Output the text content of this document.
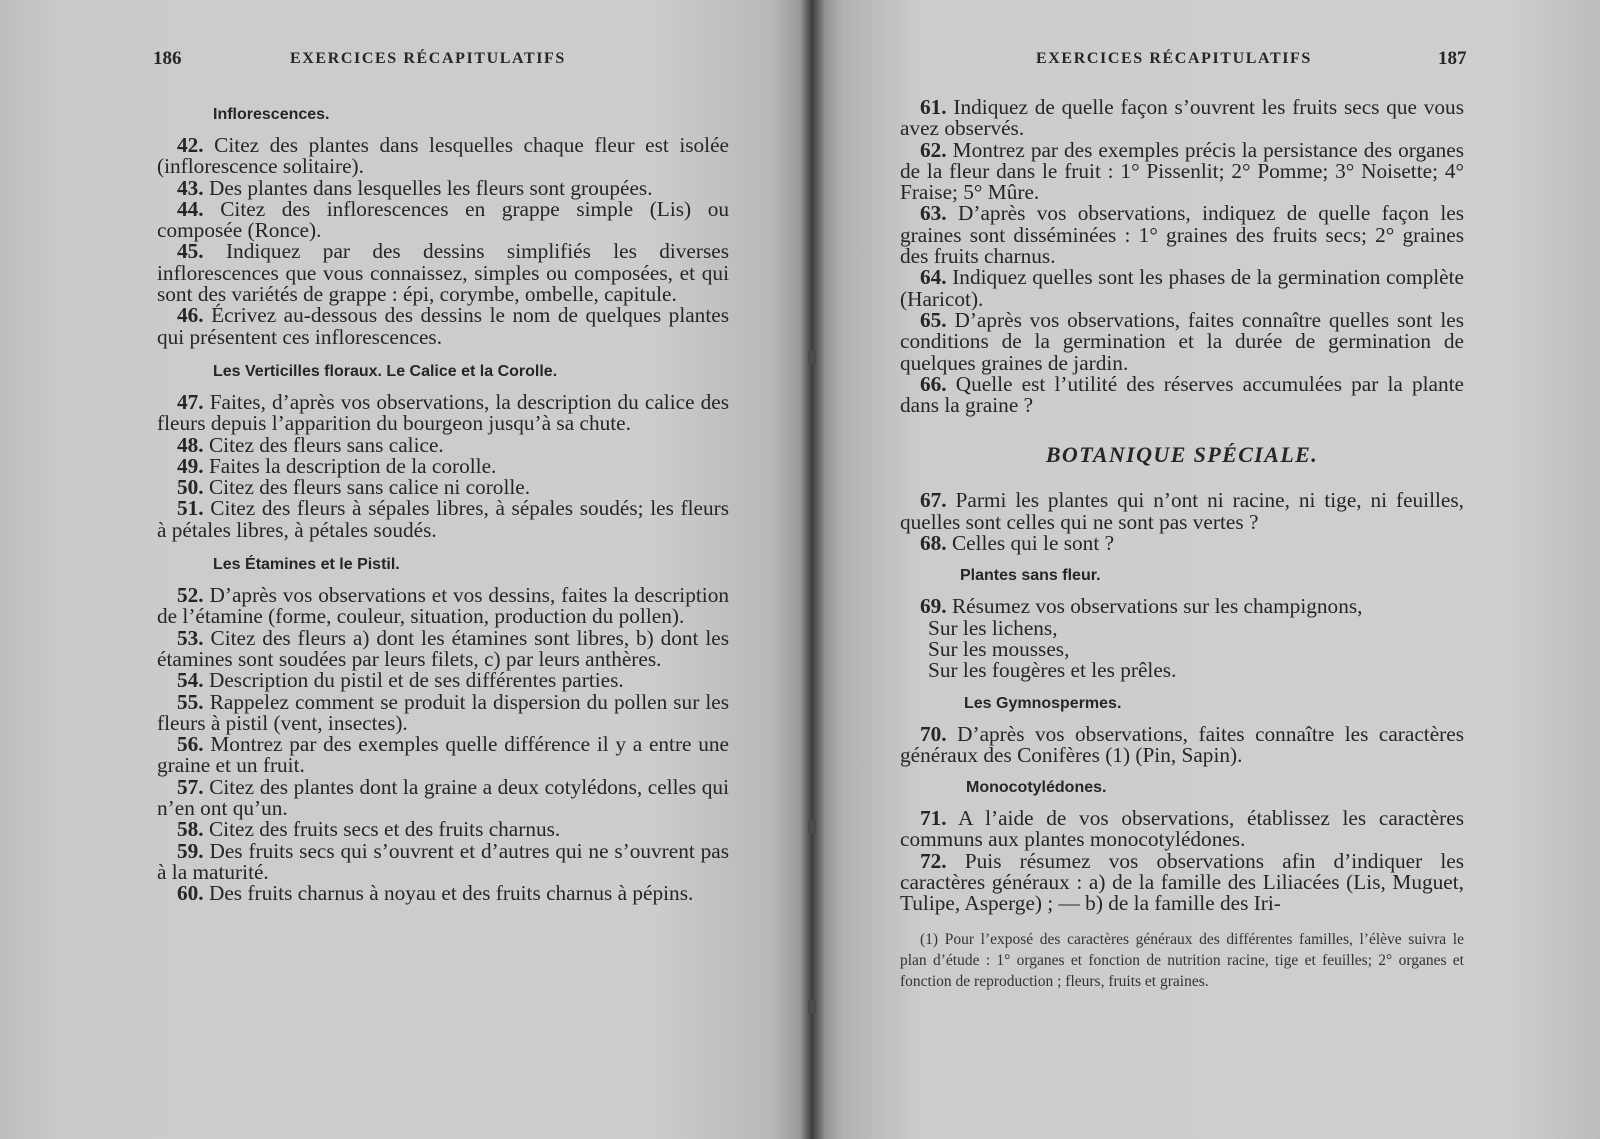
186	EXERCICES RÉCAPITULATIFS
Inflorescences.

42. Citez des plantes dans lesquelles chaque fleur est isolée (inflorescence solitaire).

43. Des plantes dans lesquelles les fleurs sont groupées.

44. Citez des inflorescences en grappe simple (Lis) ou composée (Ronce).

45. Indiquez par des dessins simplifiés les diverses inflorescences que vous connaissez, simples ou composées, et qui sont des variétés de grappe : épi, corymbe, ombelle, capitule.

46. Écrivez au-dessous des dessins le nom de quelques plantes qui présentent ces inflorescences.

Les Verticilles floraux. Le Calice et la Corolle.

47. Faites, d’après vos observations, la description du calice des fleurs depuis l’apparition du bourgeon jusqu’à sa chute.

48. Citez des fleurs sans calice.

49. Faites la description de la corolle.

50. Citez des fleurs sans calice ni corolle.

51. Citez des fleurs à sépales libres, à sépales soudés; les fleurs à pétales libres, à pétales soudés.

Les Étamines et le Pistil.

52. D’après vos observations et vos dessins, faites la description de l’étamine (forme, couleur, situation, production du pollen).

53. Citez des fleurs a) dont les étamines sont libres, b) dont les étamines sont soudées par leurs filets, c) par leurs anthères.

54. Description du pistil et de ses différentes parties.

55. Rappelez comment se produit la dispersion du pollen sur les fleurs à pistil (vent, insectes).

56. Montrez par des exemples quelle différence il y a entre une graine et un fruit.

57. Citez des plantes dont la graine a deux cotylédons, celles qui n’en ont qu’un.

58. Citez des fruits secs et des fruits charnus.

59. Des fruits secs qui s’ouvrent et d’autres qui ne s’ouvrent pas à la maturité.

60. Des fruits charnus à noyau et des fruits charnus à pépins.

EXERCICES RÉCAPITULATIFS	187

61. Indiquez de quelle façon s’ouvrent les fruits secs que vous avez observés.

62. Montrez par des exemples précis la persistance des organes de la fleur dans le fruit : 1° Pissenlit; 2° Pomme; 3° Noisette; 4° Fraise; 5° Mûre.

63. D’après vos observations, indiquez de quelle façon les graines sont disséminées : 1° graines des fruits secs; 2° graines des fruits charnus.

64. Indiquez quelles sont les phases de la germination complète (Haricot).

65. D’après vos observations, faites connaître quelles sont les conditions de la germination et la durée de germination de quelques graines de jardin.

66. Quelle est l’utilité des réserves accumulées par la plante dans la graine ?

BOTANIQUE SPÉCIALE.

67. Parmi les plantes qui n’ont ni racine, ni tige, ni feuilles, quelles sont celles qui ne sont pas vertes ?

68. Celles qui le sont ?

Plantes sans fleur.

69. Résumez vos observations sur les champignons,

Sur les lichens,

Sur les mousses,

Sur les fougères et les prêles.

Les Gymnospermes.

70. D’après vos observations, faites connaître les caractères généraux des Conifères (1) (Pin, Sapin).

Monocotylédones.

71. A l’aide de vos observations, établissez les caractères communs aux plantes monocotylédones.

72. Puis résumez vos observations afin d’indiquer les caractères généraux : a) de la famille des Liliacées (Lis, Muguet, Tulipe, Asperge) ; — b) de la famille des Iri-

(1) Pour l’exposé des caractères généraux des différentes familles, l’élève suivra le plan d’étude : 1° organes et fonction de nutrition racine, tige et feuilles; 2° organes et fonction de reproduction ; fleurs, fruits et graines.
